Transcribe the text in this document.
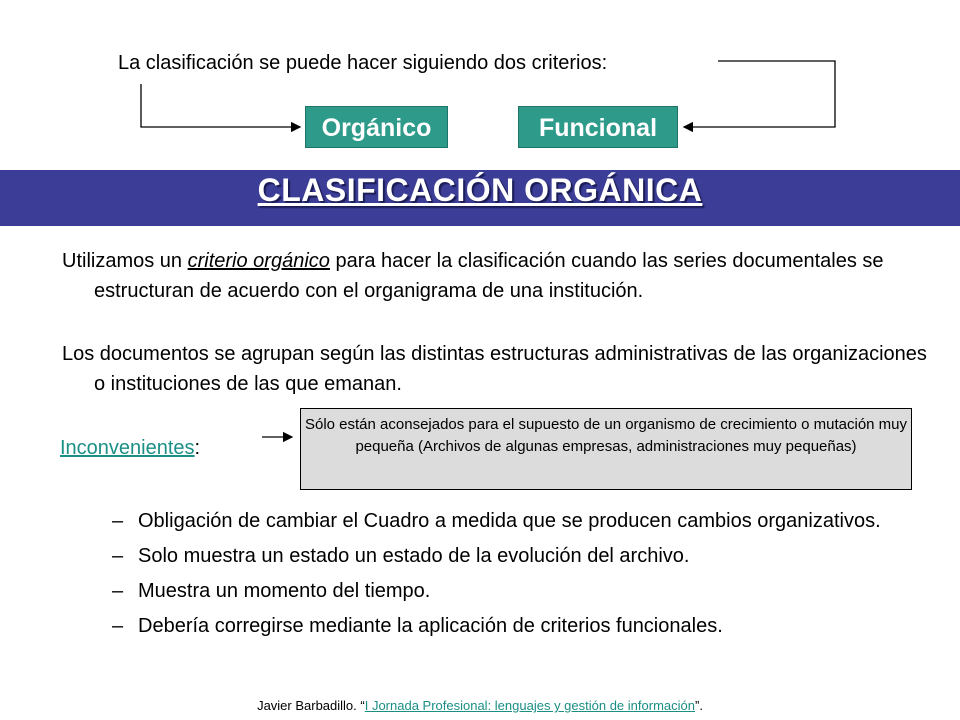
La clasificación se puede hacer siguiendo dos criterios:
Orgánico	Funcional
CLASIFICACIÓN ORGÁNICA
Utilizamos un criterio orgánico para hacer la clasificación cuando las series documentales se estructuran de acuerdo con el organigrama de una institución.
Los documentos se agrupan según las distintas estructuras administrativas de las organizaciones o instituciones de las que emanan.
Inconvenientes:
Sólo están aconsejados para el supuesto de un organismo de crecimiento o mutación muy pequeña (Archivos de algunas empresas, administraciones muy pequeñas)
– Obligación de cambiar el Cuadro a medida que se producen cambios organizativos.
– Solo muestra un estado un estado de la evolución del archivo.
– Muestra un momento del tiempo.
– Debería corregirse mediante la aplicación de criterios funcionales.
Javier Barbadillo. “I Jornada Profesional: lenguajes y gestión de información”.
